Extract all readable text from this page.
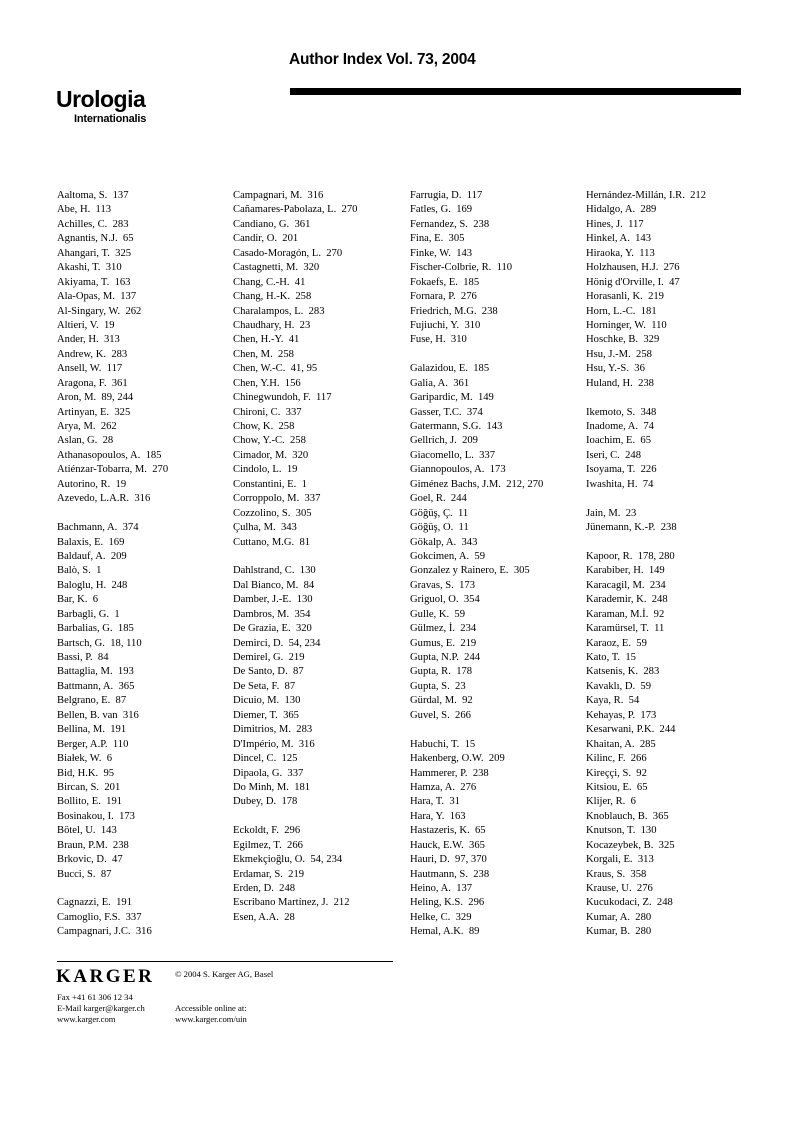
Author Index Vol. 73, 2004
Urologia
Internationalis
Aaltoma, S.  137
Abe, H.  113
Achilles, C.  283
Agnantis, N.J.  65
Ahangari, T.  325
Akashi, T.  310
Akiyama, T.  163
Ala-Opas, M.  137
Al-Singary, W.  262
Altieri, V.  19
Ander, H.  313
Andrew, K.  283
Ansell, W.  117
Aragona, F.  361
Aron, M.  89, 244
Artinyan, E.  325
Arya, M.  262
Aslan, G.  28
Athanasopoulos, A.  185
Atiénzar-Tobarra, M.  270
Autorino, R.  19
Azevedo, L.A.R.  316

Bachmann, A.  374
Balaxis, E.  169
Baldauf, A.  209
Balò, S.  1
Baloglu, H.  248
Bar, K.  6
Barbagli, G.  1
Barbalias, G.  185
Bartsch, G.  18, 110
Bassi, P.  84
Battaglia, M.  193
Battmann, A.  365
Belgrano, E.  87
Bellen, B. van  316
Bellina, M.  191
Berger, A.P.  110
Białek, W.  6
Bid, H.K.  95
Bircan, S.  201
Bollito, E.  191
Bosinakou, I.  173
Bötel, U.  143
Braun, P.M.  238
Brkovic, D.  47
Bucci, S.  87

Cagnazzi, E.  191
Camoglio, F.S.  337
Campagnari, J.C.  316
Campagnari, M.  316
Cañamares-Pabolaza, L.  270
Candiano, G.  361
Candir, O.  201
Casado-Moragón, L.  270
Castagnetti, M.  320
Chang, C.-H.  41
Chang, H.-K.  258
Charalampos, L.  283
Chaudhary, H.  23
Chen, H.-Y.  41
Chen, M.  258
Chen, W.-C.  41, 95
Chen, Y.H.  156
Chinegwundoh, F.  117
Chironi, C.  337
Chow, K.  258
Chow, Y.-C.  258
Cimador, M.  320
Cindolo, L.  19
Constantini, E.  1
Corroppolo, M.  337
Cozzolino, S.  305
Çulha, M.  343
Cuttano, M.G.  81

Dahlstrand, C.  130
Dal Bianco, M.  84
Damber, J.-E.  130
Dambros, M.  354
De Grazia, E.  320
Demirci, D.  54, 234
Demirel, G.  219
De Santo, D.  87
De Seta, F.  87
Dicuio, M.  130
Diemer, T.  365
Dimitrios, M.  283
D'Império, M.  316
Dincel, C.  125
Dipaola, G.  337
Do Minh, M.  181
Dubey, D.  178

Eckoldt, F.  296
Egilmez, T.  266
Ekmekçioğlu, O.  54, 234
Erdamar, S.  219
Erden, D.  248
Escribano Martínez, J.  212
Esen, A.A.  28
Farrugia, D.  117
Fatles, G.  169
Fernandez, S.  238
Fina, E.  305
Finke, W.  143
Fischer-Colbrie, R.  110
Fokaefs, E.  185
Fornara, P.  276
Friedrich, M.G.  238
Fujiuchi, Y.  310
Fuse, H.  310

Galazidou, E.  185
Galia, A.  361
Garipardic, M.  149
Gasser, T.C.  374
Gatermann, S.G.  143
Gellrich, J.  209
Giacomello, L.  337
Giannopoulos, A.  173
Giménez Bachs, J.M.  212, 270
Goel, R.  244
Göğüş, Ç.  11
Göğüş, O.  11
Gökalp, A.  343
Gokcimen, A.  59
Gonzalez y Rainero, E.  305
Gravas, S.  173
Griguol, O.  354
Gulle, K.  59
Gülmez, İ.  234
Gumus, E.  219
Gupta, N.P.  244
Gupta, R.  178
Gupta, S.  23
Gürdal, M.  92
Guvel, S.  266

Habuchi, T.  15
Hakenberg, O.W.  209
Hammerer, P.  238
Hamza, A.  276
Hara, T.  31
Hara, Y.  163
Hastazeris, K.  65
Hauck, E.W.  365
Hauri, D.  97, 370
Hautmann, S.  238
Heino, A.  137
Heling, K.S.  296
Helke, C.  329
Hemal, A.K.  89
Hernández-Millán, I.R.  212
Hidalgo, A.  289
Hines, J.  117
Hinkel, A.  143
Hiraoka, Y.  113
Holzhausen, H.J.  276
Hönig d'Orville, I.  47
Horasanli, K.  219
Horn, L.-C.  181
Horninger, W.  110
Hoschke, B.  329
Hsu, J.-M.  258
Hsu, Y.-S.  36
Huland, H.  238

Ikemoto, S.  348
Inadome, A.  74
Ioachim, E.  65
Iseri, C.  248
Isoyama, T.  226
Iwashita, H.  74

Jain, M.  23
Jünemann, K.-P.  238

Kapoor, R.  178, 280
Karabiber, H.  149
Karacagil, M.  234
Karademir, K.  248
Karaman, M.İ.  92
Karamürsel, T.  11
Karaoz, E.  59
Kato, T.  15
Katsenis, K.  283
Kavaklı, D.  59
Kaya, R.  54
Kehayas, P.  173
Kesarwani, P.K.  244
Khaitan, A.  285
Kilinc, F.  266
Kireççi, S.  92
Kitsiou, E.  65
Klijer, R.  6
Knoblauch, B.  365
Knutson, T.  130
Kocazeybek, B.  325
Korgali, E.  313
Kraus, S.  358
Krause, U.  276
Kucukodaci, Z.  248
Kumar, A.  280
Kumar, B.  280
KARGER © 2004 S. Karger AG, Basel
Fax +41 61 306 12 34
E-Mail karger@karger.ch
www.karger.com
Accessible online at:
www.karger.com/uin
